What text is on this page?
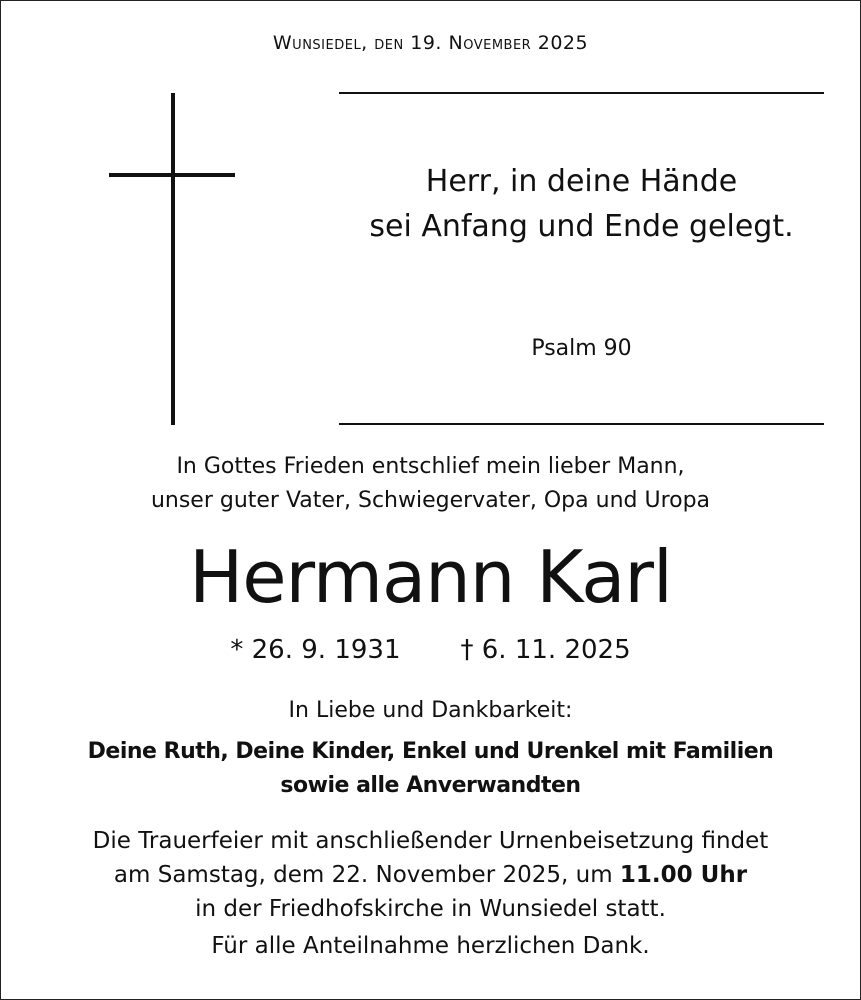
Wunsiedel, den 19. November 2025
Herr, in deine Hände
sei Anfang und Ende gelegt.
Psalm 90
In Gottes Frieden entschlief mein lieber Mann,
unser guter Vater, Schwiegervater, Opa und Uropa
Hermann Karl
* 26. 9. 1931 † 6. 11. 2025
In Liebe und Dankbarkeit:
Deine Ruth, Deine Kinder, Enkel und Urenkel mit Familien
sowie alle Anverwandten
Die Trauerfeier mit anschließender Urnenbeisetzung findet
am Samstag, dem 22. November 2025, um 11.00 Uhr
in der Friedhofskirche in Wunsiedel statt.
Für alle Anteilnahme herzlichen Dank.
